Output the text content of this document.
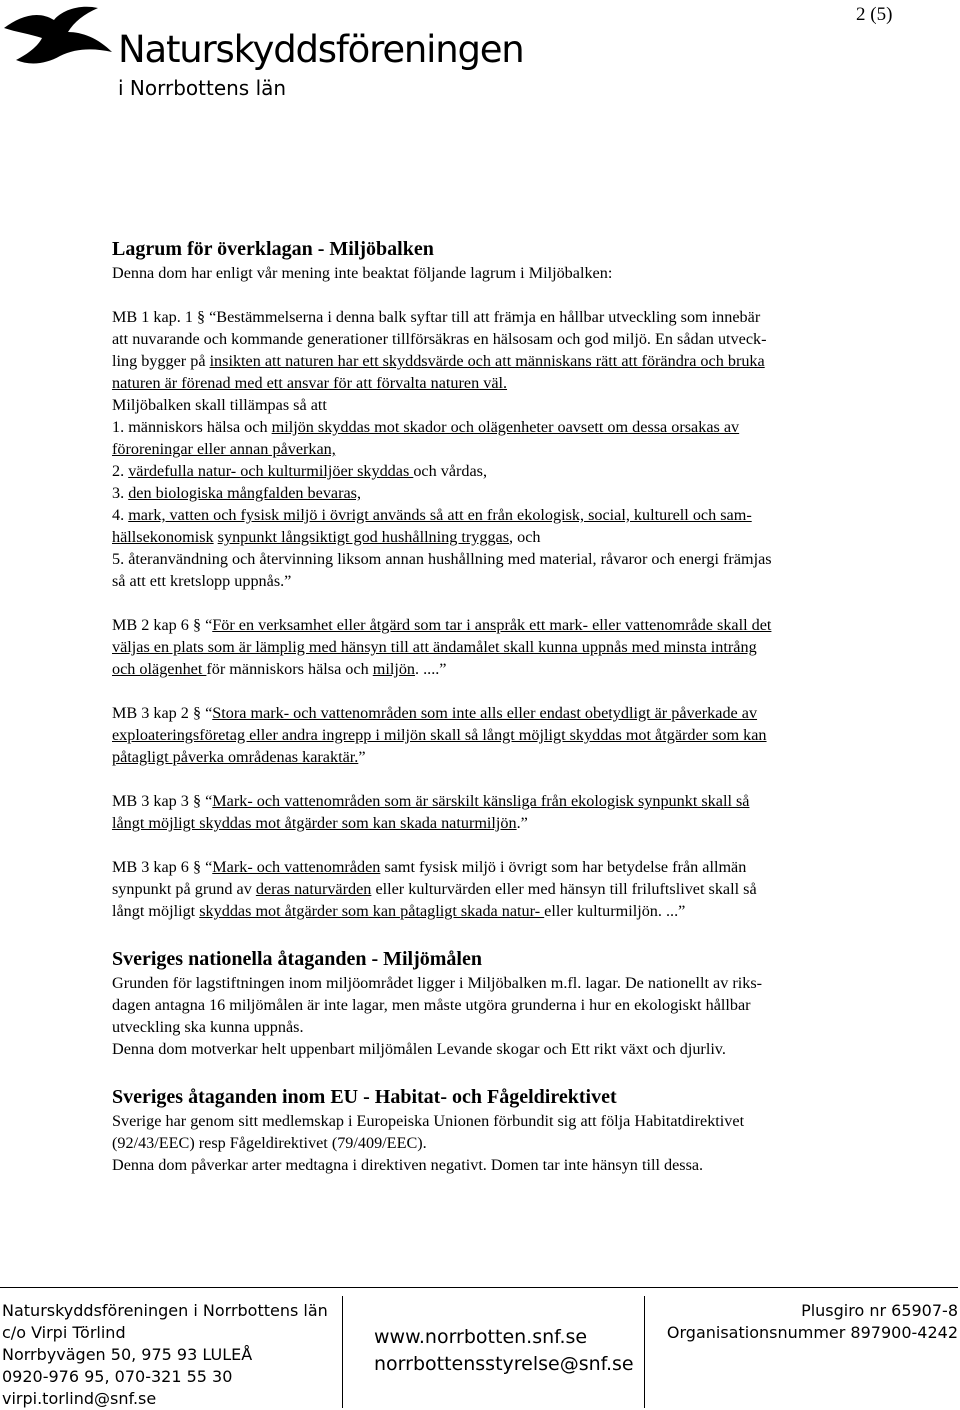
2 (5)
Naturskyddsföreningen
i Norrbottens län
Lagrum för överklagan - Miljöbalken

Denna dom har enligt vår mening inte beaktat följande lagrum i Miljöbalken:

MB 1 kap. 1 § “Bestämmelserna i denna balk syftar till att främja en hållbar utveckling som innebär

att nuvarande och kommande generationer tillförsäkras en hälsosam och god miljö. En sådan utveck-

ling bygger på insikten att naturen har ett skyddsvärde och att människans rätt att förändra och bruka

naturen är förenad med ett ansvar för att förvalta naturen väl.

Miljöbalken skall tillämpas så att

1. människors hälsa och miljön skyddas mot skador och olägenheter oavsett om dessa orsakas av

föroreningar eller annan påverkan,

2. värdefulla natur- och kulturmiljöer skyddas och vårdas,

3. den biologiska mångfalden bevaras,

4. mark, vatten och fysisk miljö i övrigt används så att en från ekologisk, social, kulturell och sam-

hällsekonomisk synpunkt långsiktigt god hushållning tryggas, och

5. återanvändning och återvinning liksom annan hushållning med material, råvaror och energi främjas

så att ett kretslopp uppnås.”

MB 2 kap 6 § “För en verksamhet eller åtgärd som tar i anspråk ett mark- eller vattenområde skall det

väljas en plats som är lämplig med hänsyn till att ändamålet skall kunna uppnås med minsta intrång

och olägenhet för människors hälsa och miljön. ....”

MB 3 kap 2 § “Stora mark- och vattenområden som inte alls eller endast obetydligt är påverkade av

exploateringsföretag eller andra ingrepp i miljön skall så långt möjligt skyddas mot åtgärder som kan

påtagligt påverka områdenas karaktär.”

MB 3 kap 3 § “Mark- och vattenområden som är särskilt känsliga från ekologisk synpunkt skall så

långt möjligt skyddas mot åtgärder som kan skada naturmiljön.”

MB 3 kap 6 § “Mark- och vattenområden samt fysisk miljö i övrigt som har betydelse från allmän

synpunkt på grund av deras naturvärden eller kulturvärden eller med hänsyn till friluftslivet skall så

långt möjligt skyddas mot åtgärder som kan påtagligt skada natur- eller kulturmiljön. ...”

Sveriges nationella åtaganden - Miljömålen

Grunden för lagstiftningen inom miljöområdet ligger i Miljöbalken m.fl. lagar. De nationellt av riks-

dagen antagna 16 miljömålen är inte lagar, men måste utgöra grunderna i hur en ekologiskt hållbar

utveckling ska kunna uppnås.

Denna dom motverkar helt uppenbart miljömålen Levande skogar och Ett rikt växt och djurliv.

Sveriges åtaganden inom EU - Habitat- och Fågeldirektivet

Sverige har genom sitt medlemskap i Europeiska Unionen förbundit sig att följa Habitatdirektivet

(92/43/EEC) resp Fågeldirektivet (79/409/EEC).

Denna dom påverkar arter medtagna i direktiven negativt. Domen tar inte hänsyn till dessa.

Naturskyddsföreningen i Norrbottens län
c/o Virpi Törlind
Norrbyvägen 50, 975 93 LULEÅ
0920-976 95, 070-321 55 30
virpi.torlind@snf.se
www.norrbotten.snf.se
norrbottensstyrelse@snf.se
Plusgiro nr 65907-8
Organisationsnummer 897900-4242
